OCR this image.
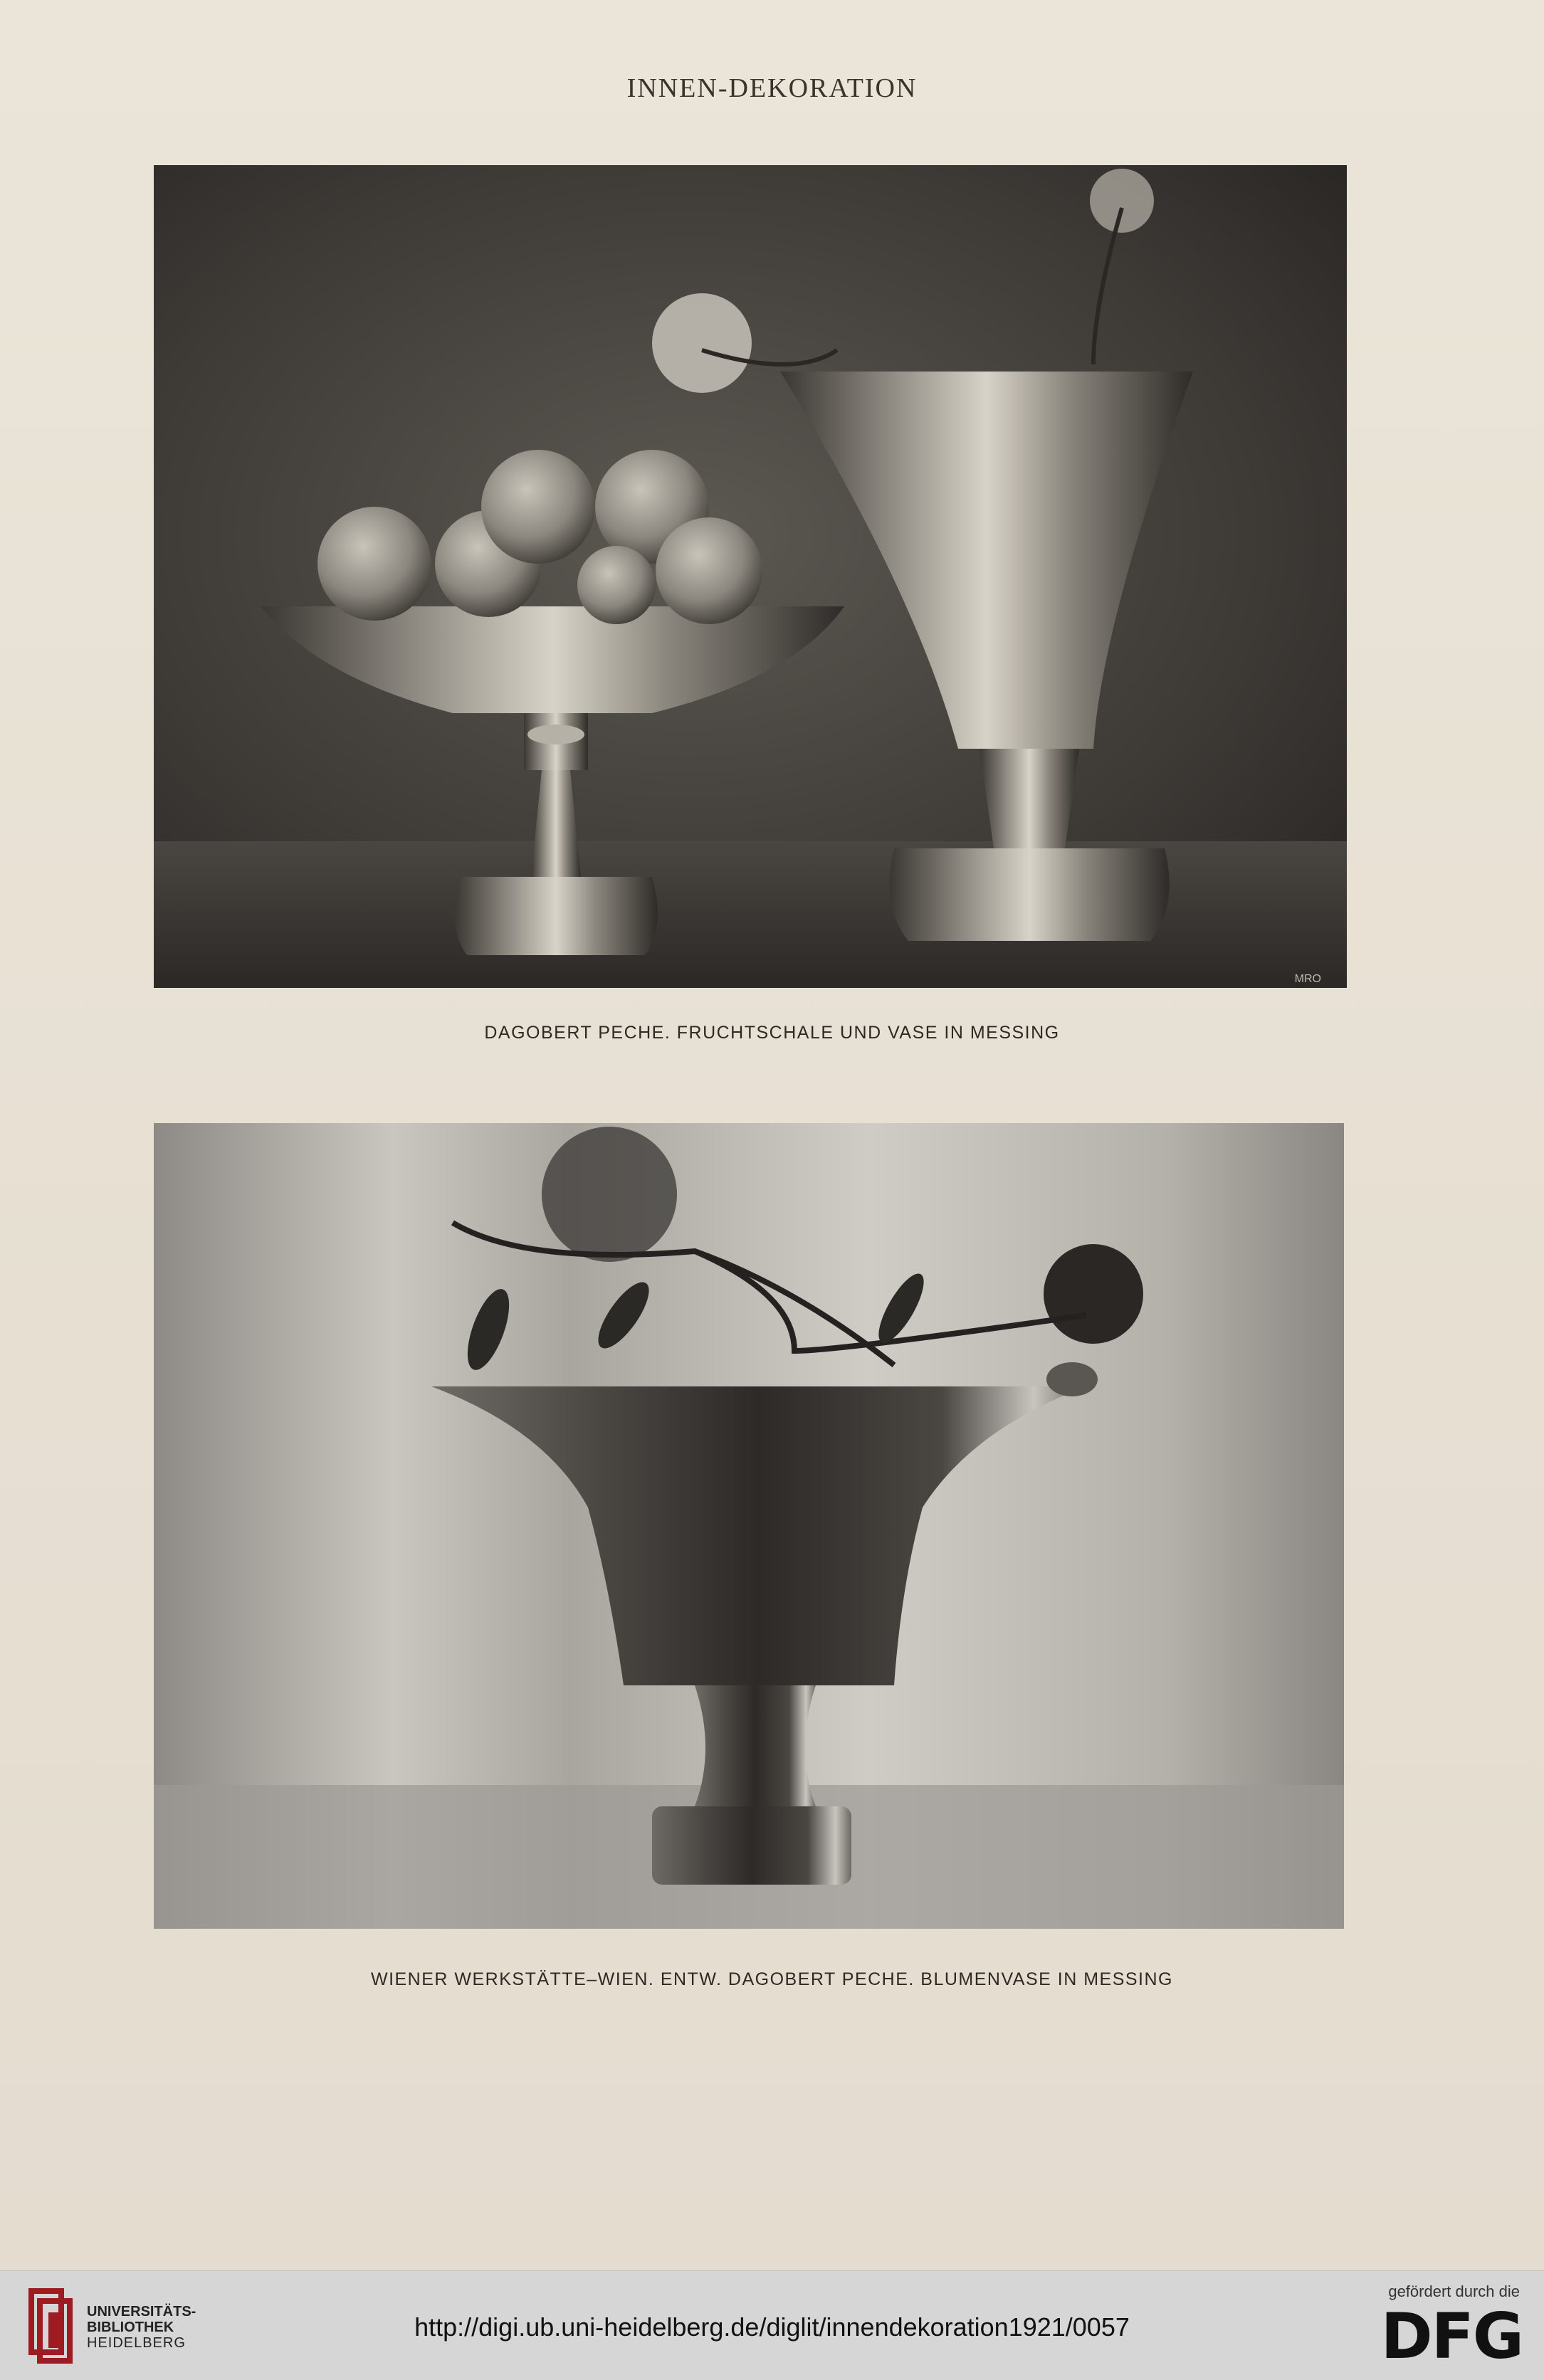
INNEN-DEKORATION
MRO
DAGOBERT PECHE. FRUCHTSCHALE UND VASE IN MESSING
WIENER WERKSTÄTTE–WIEN. ENTW. DAGOBERT PECHE. BLUMENVASE IN MESSING
UNIVERSITÄTS-
BIBLIOTHEK
HEIDELBERG
http://digi.ub.uni-heidelberg.de/diglit/innendekoration1921/0057
gefördert durch die
DFG
